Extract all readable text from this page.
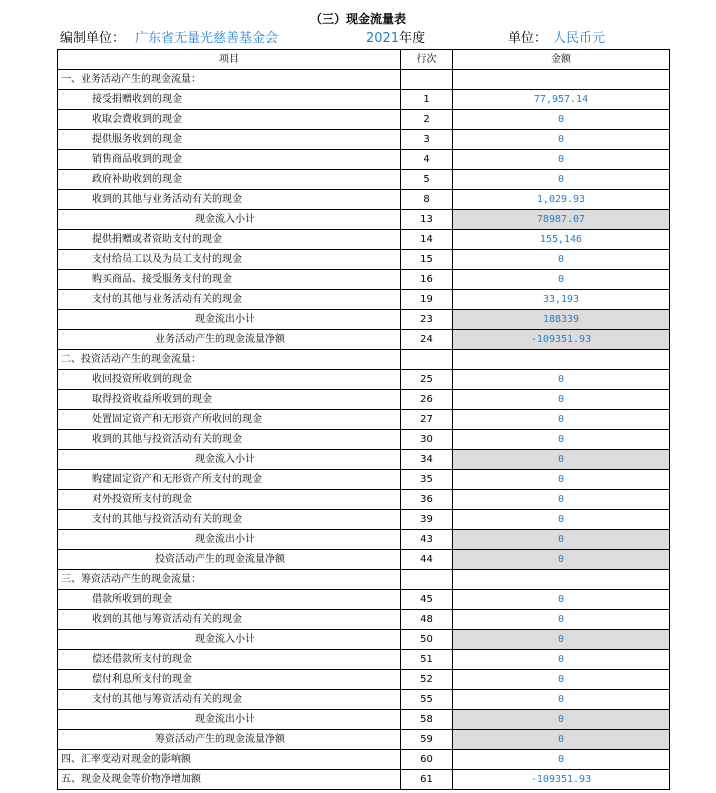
（三）现金流量表
编制单位： 广东省无量光慈善基金会	2021年度	单位： 人民币元
项目	行次	金额
一、业务活动产生的现金流量：		
接受捐赠收到的现金	1	77,957.14
收取会费收到的现金	2	0
提供服务收到的现金	3	0
销售商品收到的现金	4	0
政府补助收到的现金	5	0
收到的其他与业务活动有关的现金	8	1,029.93
现金流入小计	13	78987.07
提供捐赠或者资助支付的现金	14	155,146
支付给员工以及为员工支付的现金	15	0
购买商品、接受服务支付的现金	16	0
支付的其他与业务活动有关的现金	19	33,193
现金流出小计	23	188339
业务活动产生的现金流量净额	24	-109351.93
二、投资活动产生的现金流量：		
收回投资所收到的现金	25	0
取得投资收益所收到的现金	26	0
处置固定资产和无形资产所收回的现金	27	0
收到的其他与投资活动有关的现金	30	0
现金流入小计	34	0
购建固定资产和无形资产所支付的现金	35	0
对外投资所支付的现金	36	0
支付的其他与投资活动有关的现金	39	0
现金流出小计	43	0
投资活动产生的现金流量净额	44	0
三、筹资活动产生的现金流量：		
借款所收到的现金	45	0
收到的其他与筹资活动有关的现金	48	0
现金流入小计	50	0
偿还借款所支付的现金	51	0
偿付利息所支付的现金	52	0
支付的其他与筹资活动有关的现金	55	0
现金流出小计	58	0
筹资活动产生的现金流量净额	59	0
四、汇率变动对现金的影响额	60	0
五、现金及现金等价物净增加额	61	-109351.93
